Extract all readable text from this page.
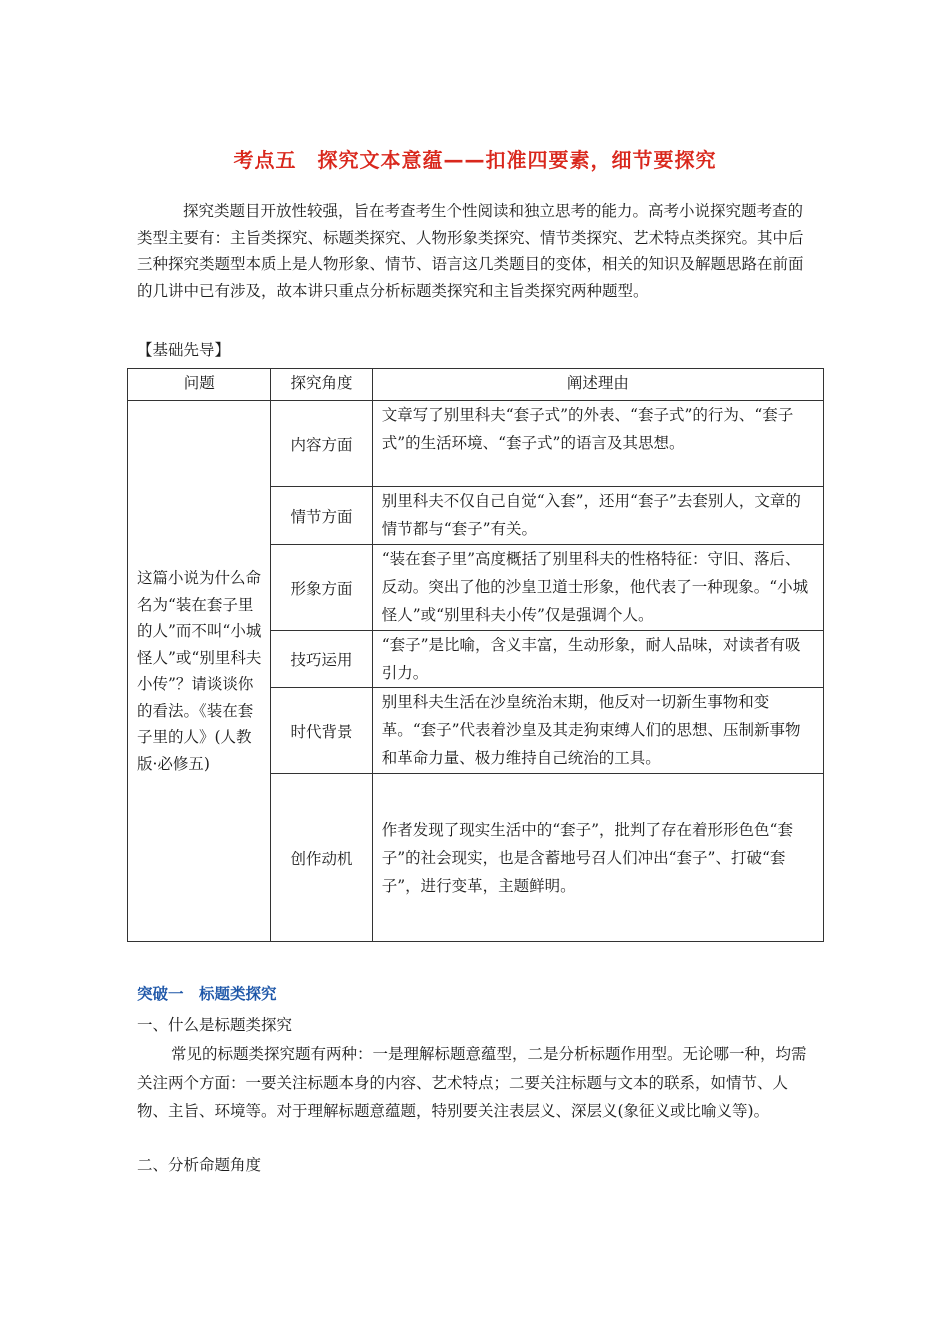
考点五　探究文本意蕴——扣准四要素，细节要探究
探究类题目开放性较强，旨在考查考生个性阅读和独立思考的能力。高考小说探究题考查的类型主要有：主旨类探究、标题类探究、人物形象类探究、情节类探究、艺术特点类探究。其中后三种探究类题型本质上是人物形象、情节、语言这几类题目的变体，相关的知识及解题思路在前面的几讲中已有涉及，故本讲只重点分析标题类探究和主旨类探究两种题型。
【基础先导】
问题	探究角度	阐述理由
这篇小说为什么命名为“装在套子里的人”而不叫“小城怪人”或“别里科夫小传”？请谈谈你的看法。《装在套子里的人》(人教版·必修五)	内容方面	文章写了别里科夫“套子式”的外表、“套子式”的行为、“套子式”的生活环境、“套子式”的语言及其思想。
	情节方面	别里科夫不仅自己自觉“入套”，还用“套子”去套别人，文章的情节都与“套子”有关。
	形象方面	“装在套子里”高度概括了别里科夫的性格特征：守旧、落后、反动。突出了他的沙皇卫道士形象，他代表了一种现象。“小城怪人”或“别里科夫小传”仅是强调个人。
	技巧运用	“套子”是比喻，含义丰富，生动形象，耐人品味，对读者有吸引力。
	时代背景	别里科夫生活在沙皇统治末期，他反对一切新生事物和变革。“套子”代表着沙皇及其走狗束缚人们的思想、压制新事物和革命力量、极力维持自己统治的工具。
	创作动机	作者发现了现实生活中的“套子”，批判了存在着形形色色“套子”的社会现实，也是含蓄地号召人们冲出“套子”、打破“套子”，进行变革，主题鲜明。
突破一　标题类探究
一、什么是标题类探究
常见的标题类探究题有两种：一是理解标题意蕴型，二是分析标题作用型。无论哪一种，均需关注两个方面：一要关注标题本身的内容、艺术特点；二要关注标题与文本的联系，如情节、人物、主旨、环境等。对于理解标题意蕴题，特别要关注表层义、深层义(象征义或比喻义等)。
二、分析命题角度
